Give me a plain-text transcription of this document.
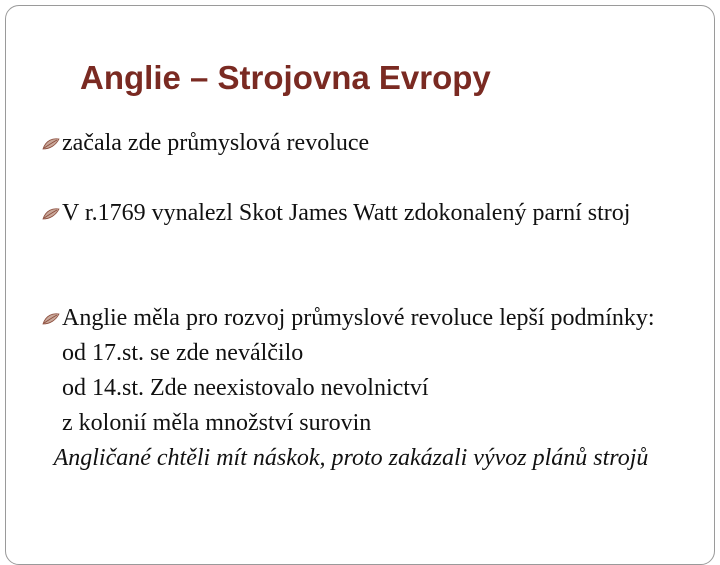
Anglie – Strojovna Evropy
začala zde průmyslová revoluce
V r.1769 vynalezl Skot James Watt zdokonalený parní stroj
Anglie měla pro rozvoj průmyslové revoluce lepší podmínky:
od 17.st. se zde neválčilo
od 14.st. Zde neexistovalo nevolnictví
z kolonií měla množství surovin
Angličané chtěli mít náskok, proto zakázali vývoz plánů strojů
